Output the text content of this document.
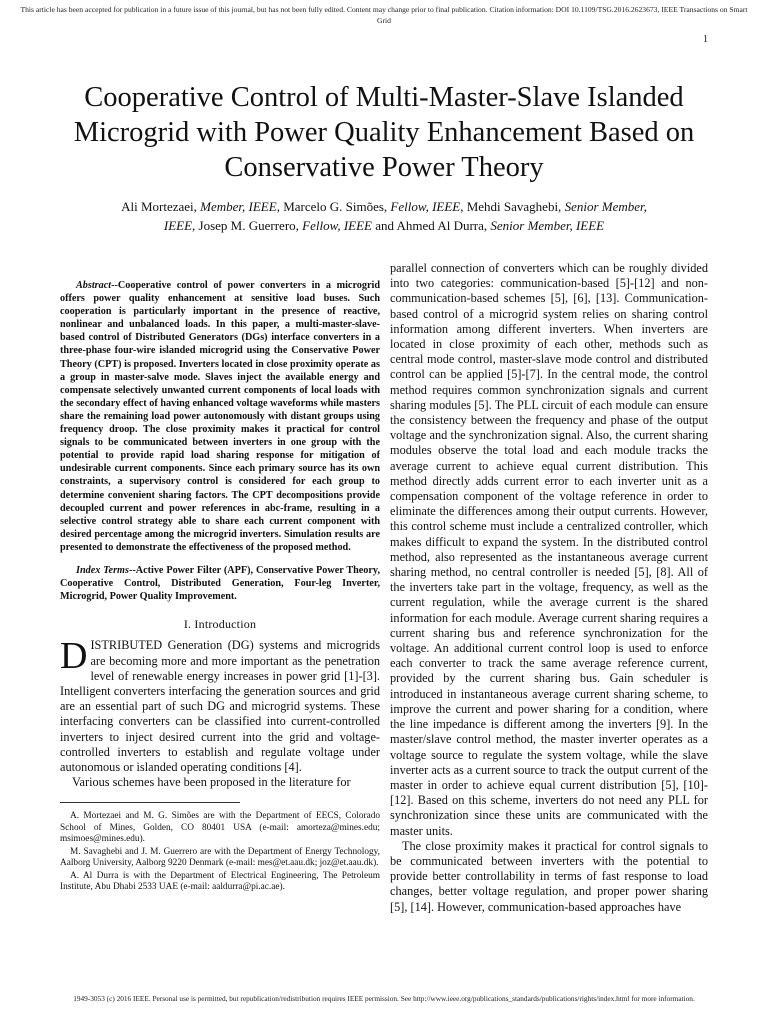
This article has been accepted for publication in a future issue of this journal, but has not been fully edited. Content may change prior to final publication. Citation information: DOI 10.1109/TSG.2016.2623673, IEEE Transactions on Smart Grid
1
Cooperative Control of Multi-Master-Slave Islanded Microgrid with Power Quality Enhancement Based on Conservative Power Theory
Ali Mortezaei, Member, IEEE, Marcelo G. Simões, Fellow, IEEE, Mehdi Savaghebi, Senior Member, IEEE, Josep M. Guerrero, Fellow, IEEE and Ahmed Al Durra, Senior Member, IEEE

Abstract--Cooperative control of power converters in a microgrid offers power quality enhancement at sensitive load buses. Such cooperation is particularly important in the presence of reactive, nonlinear and unbalanced loads. In this paper, a multi-master-slave-based control of Distributed Generators (DGs) interface converters in a three-phase four-wire islanded microgrid using the Conservative Power Theory (CPT) is proposed. Inverters located in close proximity operate as a group in master-salve mode. Slaves inject the available energy and compensate selectively unwanted current components of local loads with the secondary effect of having enhanced voltage waveforms while masters share the remaining load power autonomously with distant groups using frequency droop. The close proximity makes it practical for control signals to be communicated between inverters in one group with the potential to provide rapid load sharing response for mitigation of undesirable current components. Since each primary source has its own constraints, a supervisory control is considered for each group to determine convenient sharing factors. The CPT decompositions provide decoupled current and power references in abc-frame, resulting in a selective control strategy able to share each current component with desired percentage among the microgrid inverters. Simulation results are presented to demonstrate the effectiveness of the proposed method.

Index Terms--Active Power Filter (APF), Conservative Power Theory, Cooperative Control, Distributed Generation, Four-leg Inverter, Microgrid, Power Quality Improvement.

I. Introduction

DISTRIBUTED Generation (DG) systems and microgrids are becoming more and more important as the penetration level of renewable energy increases in power grid [1]-[3]. Intelligent converters interfacing the generation sources and grid are an essential part of such DG and microgrid systems. These interfacing converters can be classified into current-controlled inverters to inject desired current into the grid and voltage-controlled inverters to establish and regulate voltage under autonomous or islanded operating conditions [4].

Various schemes have been proposed in the literature for

A. Mortezaei and M. G. Simões are with the Department of EECS, Colorado School of Mines, Golden, CO 80401 USA (e-mail: amorteza@mines.edu; msimoes@mines.edu).

M. Savaghebi and J. M. Guerrero are with the Department of Energy Technology, Aalborg University, Aalborg 9220 Denmark (e-mail: mes@et.aau.dk; joz@et.aau.dk).

A. Al Durra is with the Department of Electrical Engineering, The Petroleum Institute, Abu Dhabi 2533 UAE (e-mail: aaldurra@pi.ac.ae).

parallel connection of converters which can be roughly divided into two categories: communication-based [5]-[12] and non-communication-based schemes [5], [6], [13]. Communication-based control of a microgrid system relies on sharing control information among different inverters. When inverters are located in close proximity of each other, methods such as central mode control, master-slave mode control and distributed control can be applied [5]-[7]. In the central mode, the control method requires common synchronization signals and current sharing modules [5]. The PLL circuit of each module can ensure the consistency between the frequency and phase of the output voltage and the synchronization signal. Also, the current sharing modules observe the total load and each module tracks the average current to achieve equal current distribution. This method directly adds current error to each inverter unit as a compensation component of the voltage reference in order to eliminate the differences among their output currents. However, this control scheme must include a centralized controller, which makes difficult to expand the system. In the distributed control method, also represented as the instantaneous average current sharing method, no central controller is needed [5], [8]. All of the inverters take part in the voltage, frequency, as well as the current regulation, while the average current is the shared information for each module. Average current sharing requires a current sharing bus and reference synchronization for the voltage. An additional current control loop is used to enforce each converter to track the same average reference current, provided by the current sharing bus. Gain scheduler is introduced in instantaneous average current sharing scheme, to improve the current and power sharing for a condition, where the line impedance is different among the inverters [9]. In the master/slave control method, the master inverter operates as a voltage source to regulate the system voltage, while the slave inverter acts as a current source to track the output current of the master in order to achieve equal current distribution [5], [10]-[12]. Based on this scheme, inverters do not need any PLL for synchronization since these units are communicated with the master units.

The close proximity makes it practical for control signals to be communicated between inverters with the potential to provide better controllability in terms of fast response to load changes, better voltage regulation, and proper power sharing [5], [14]. However, communication-based approaches have

1949-3053 (c) 2016 IEEE. Personal use is permitted, but republication/redistribution requires IEEE permission. See http://www.ieee.org/publications_standards/publications/rights/index.html for more information.
